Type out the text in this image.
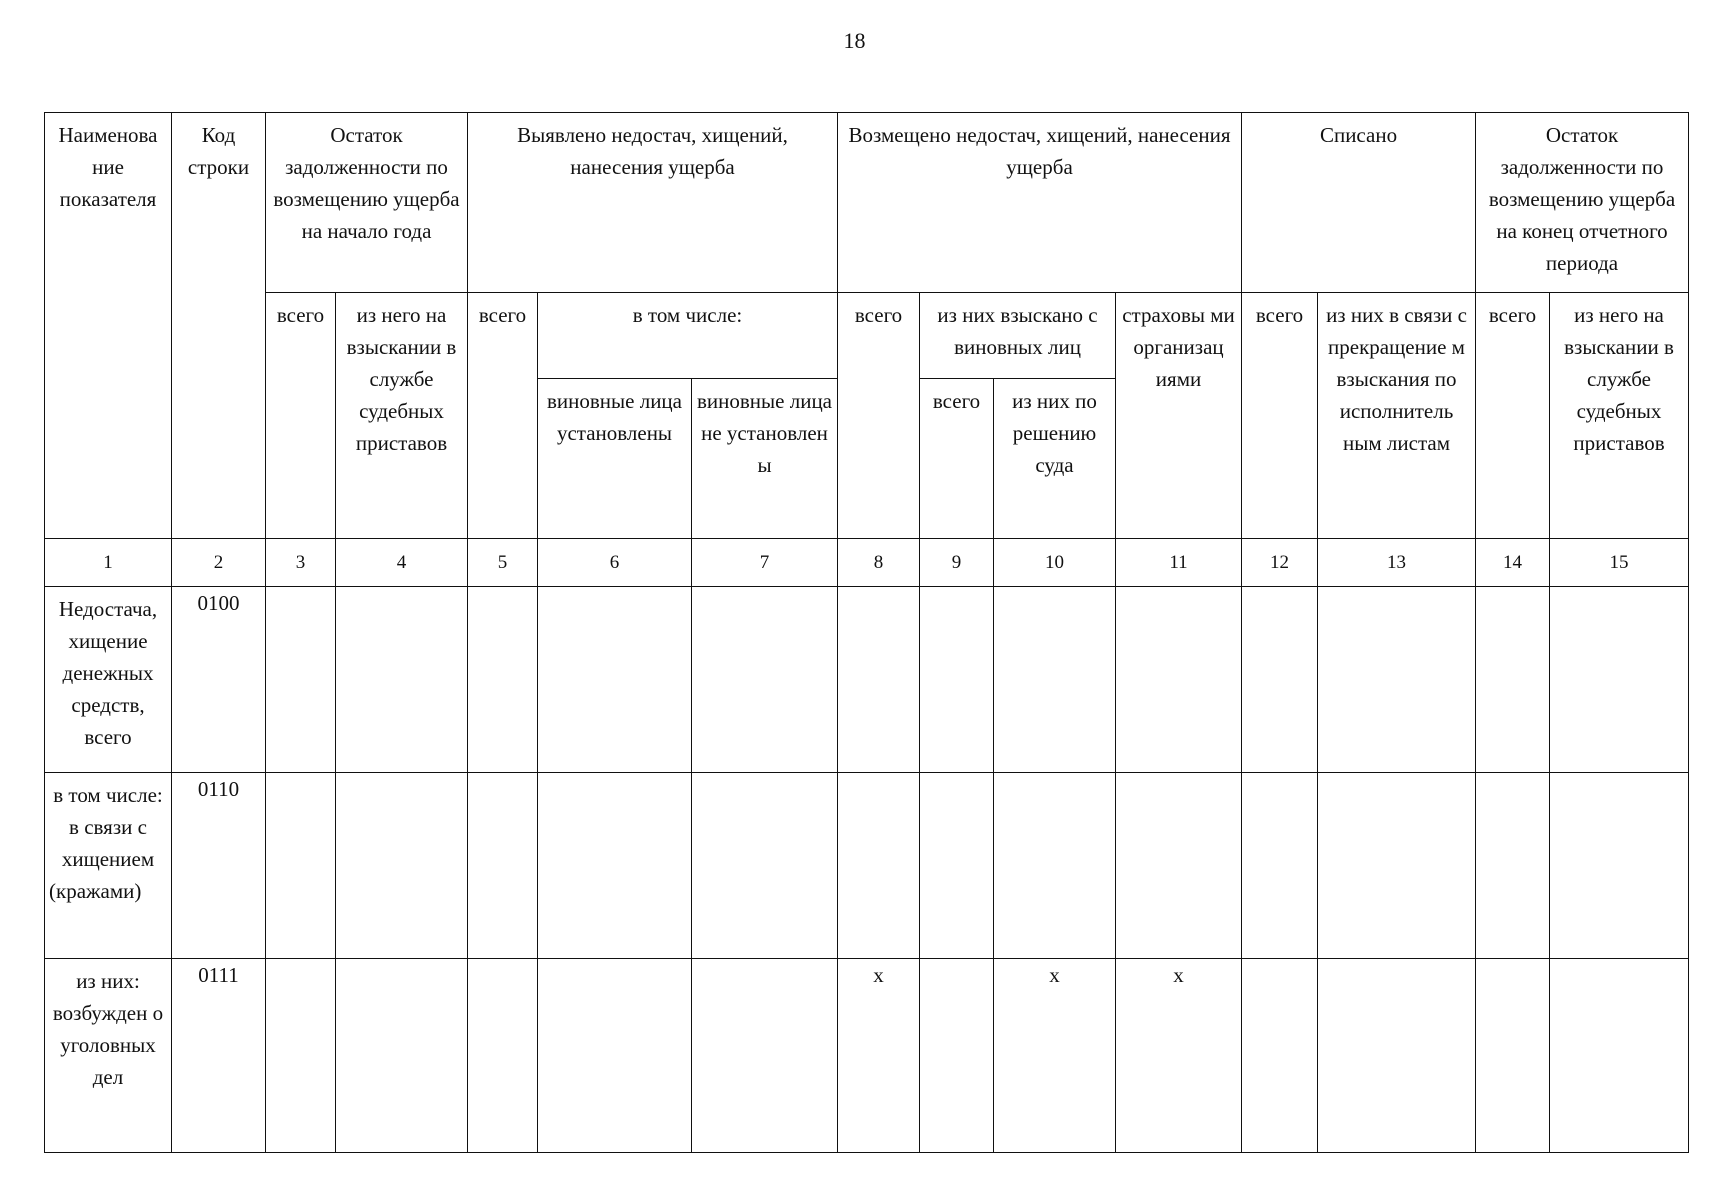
18
Наименова ние показателя	Код строки	Остаток задолженности по возмещению ущерба на начало года		Выявлено недостач, хищений, нанесения ущерба			Возмещено недостач, хищений, нанесения ущерба				Списано		Остаток задолженности по возмещению ущерба на конец отчетного периода	
		всего	из него на взыскании в службе судебных приставов	всего	в том числе:		всего	из них взыскано с виновных лиц		страховы ми организац иями	всего	из них в связи с прекращение м взыскания по исполнитель ным листам	всего	из него на взыскании в службе судебных приставов
					виновные лица установлены	виновные лица не установлен ы		всего	из них по решению суда					
1	2	3	4	5	6	7	8	9	10	11	12	13	14	15
Недостача, хищение денежных средств, всего	0100													
в том числе: в связи с хищением (кражами)	0110													
из них: возбужден о уголовных дел	0111						х		х	х				
